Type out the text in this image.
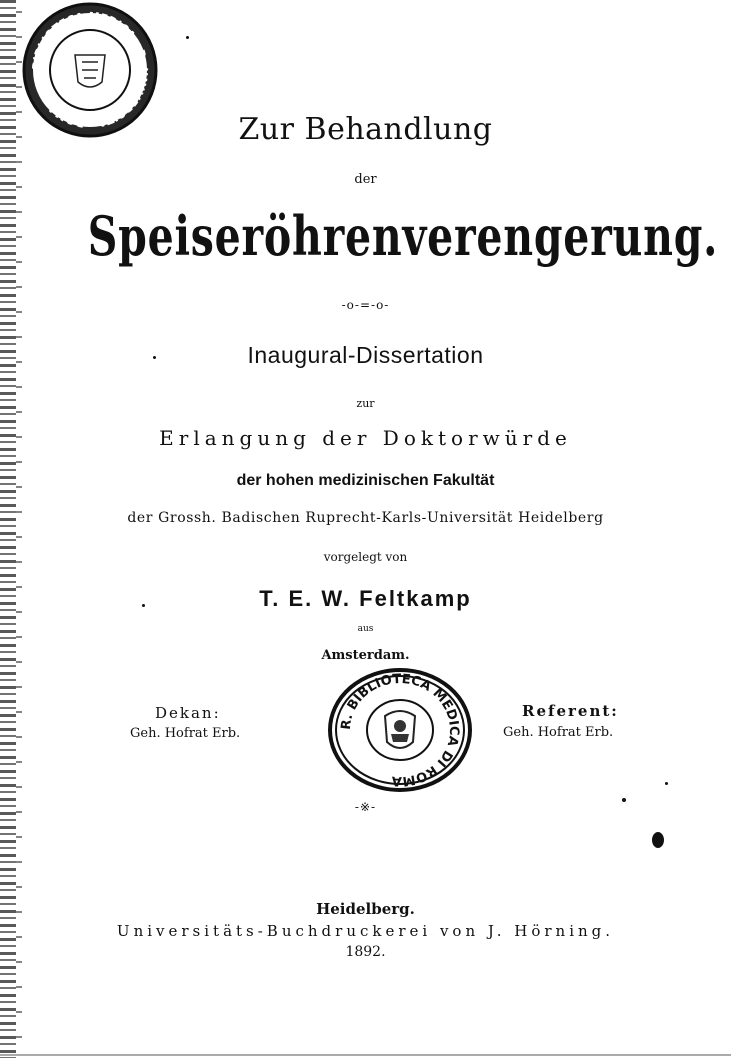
BIBLIOTECA MEDICA - R. UNIVERSITA - ROMA
Zur Behandlung
der
Speiseröhrenverengerung.
-o-=-o-
Inaugural-Dissertation
zur
Erlangung der Doktorwürde
der hohen medizinischen Fakultät
der Grossh. Badischen Ruprecht-Karls-Universität Heidelberg
vorgelegt von
T. E. W. Feltkamp
aus
Amsterdam.
Dekan:
Geh. Hofrat Erb.
Referent:
Geh. Hofrat Erb.
R. BIBLIOTECA MEDICA DI ROMA
-※-
Heidelberg.
Universitäts-Buchdruckerei von J. Hörning.
1892.
